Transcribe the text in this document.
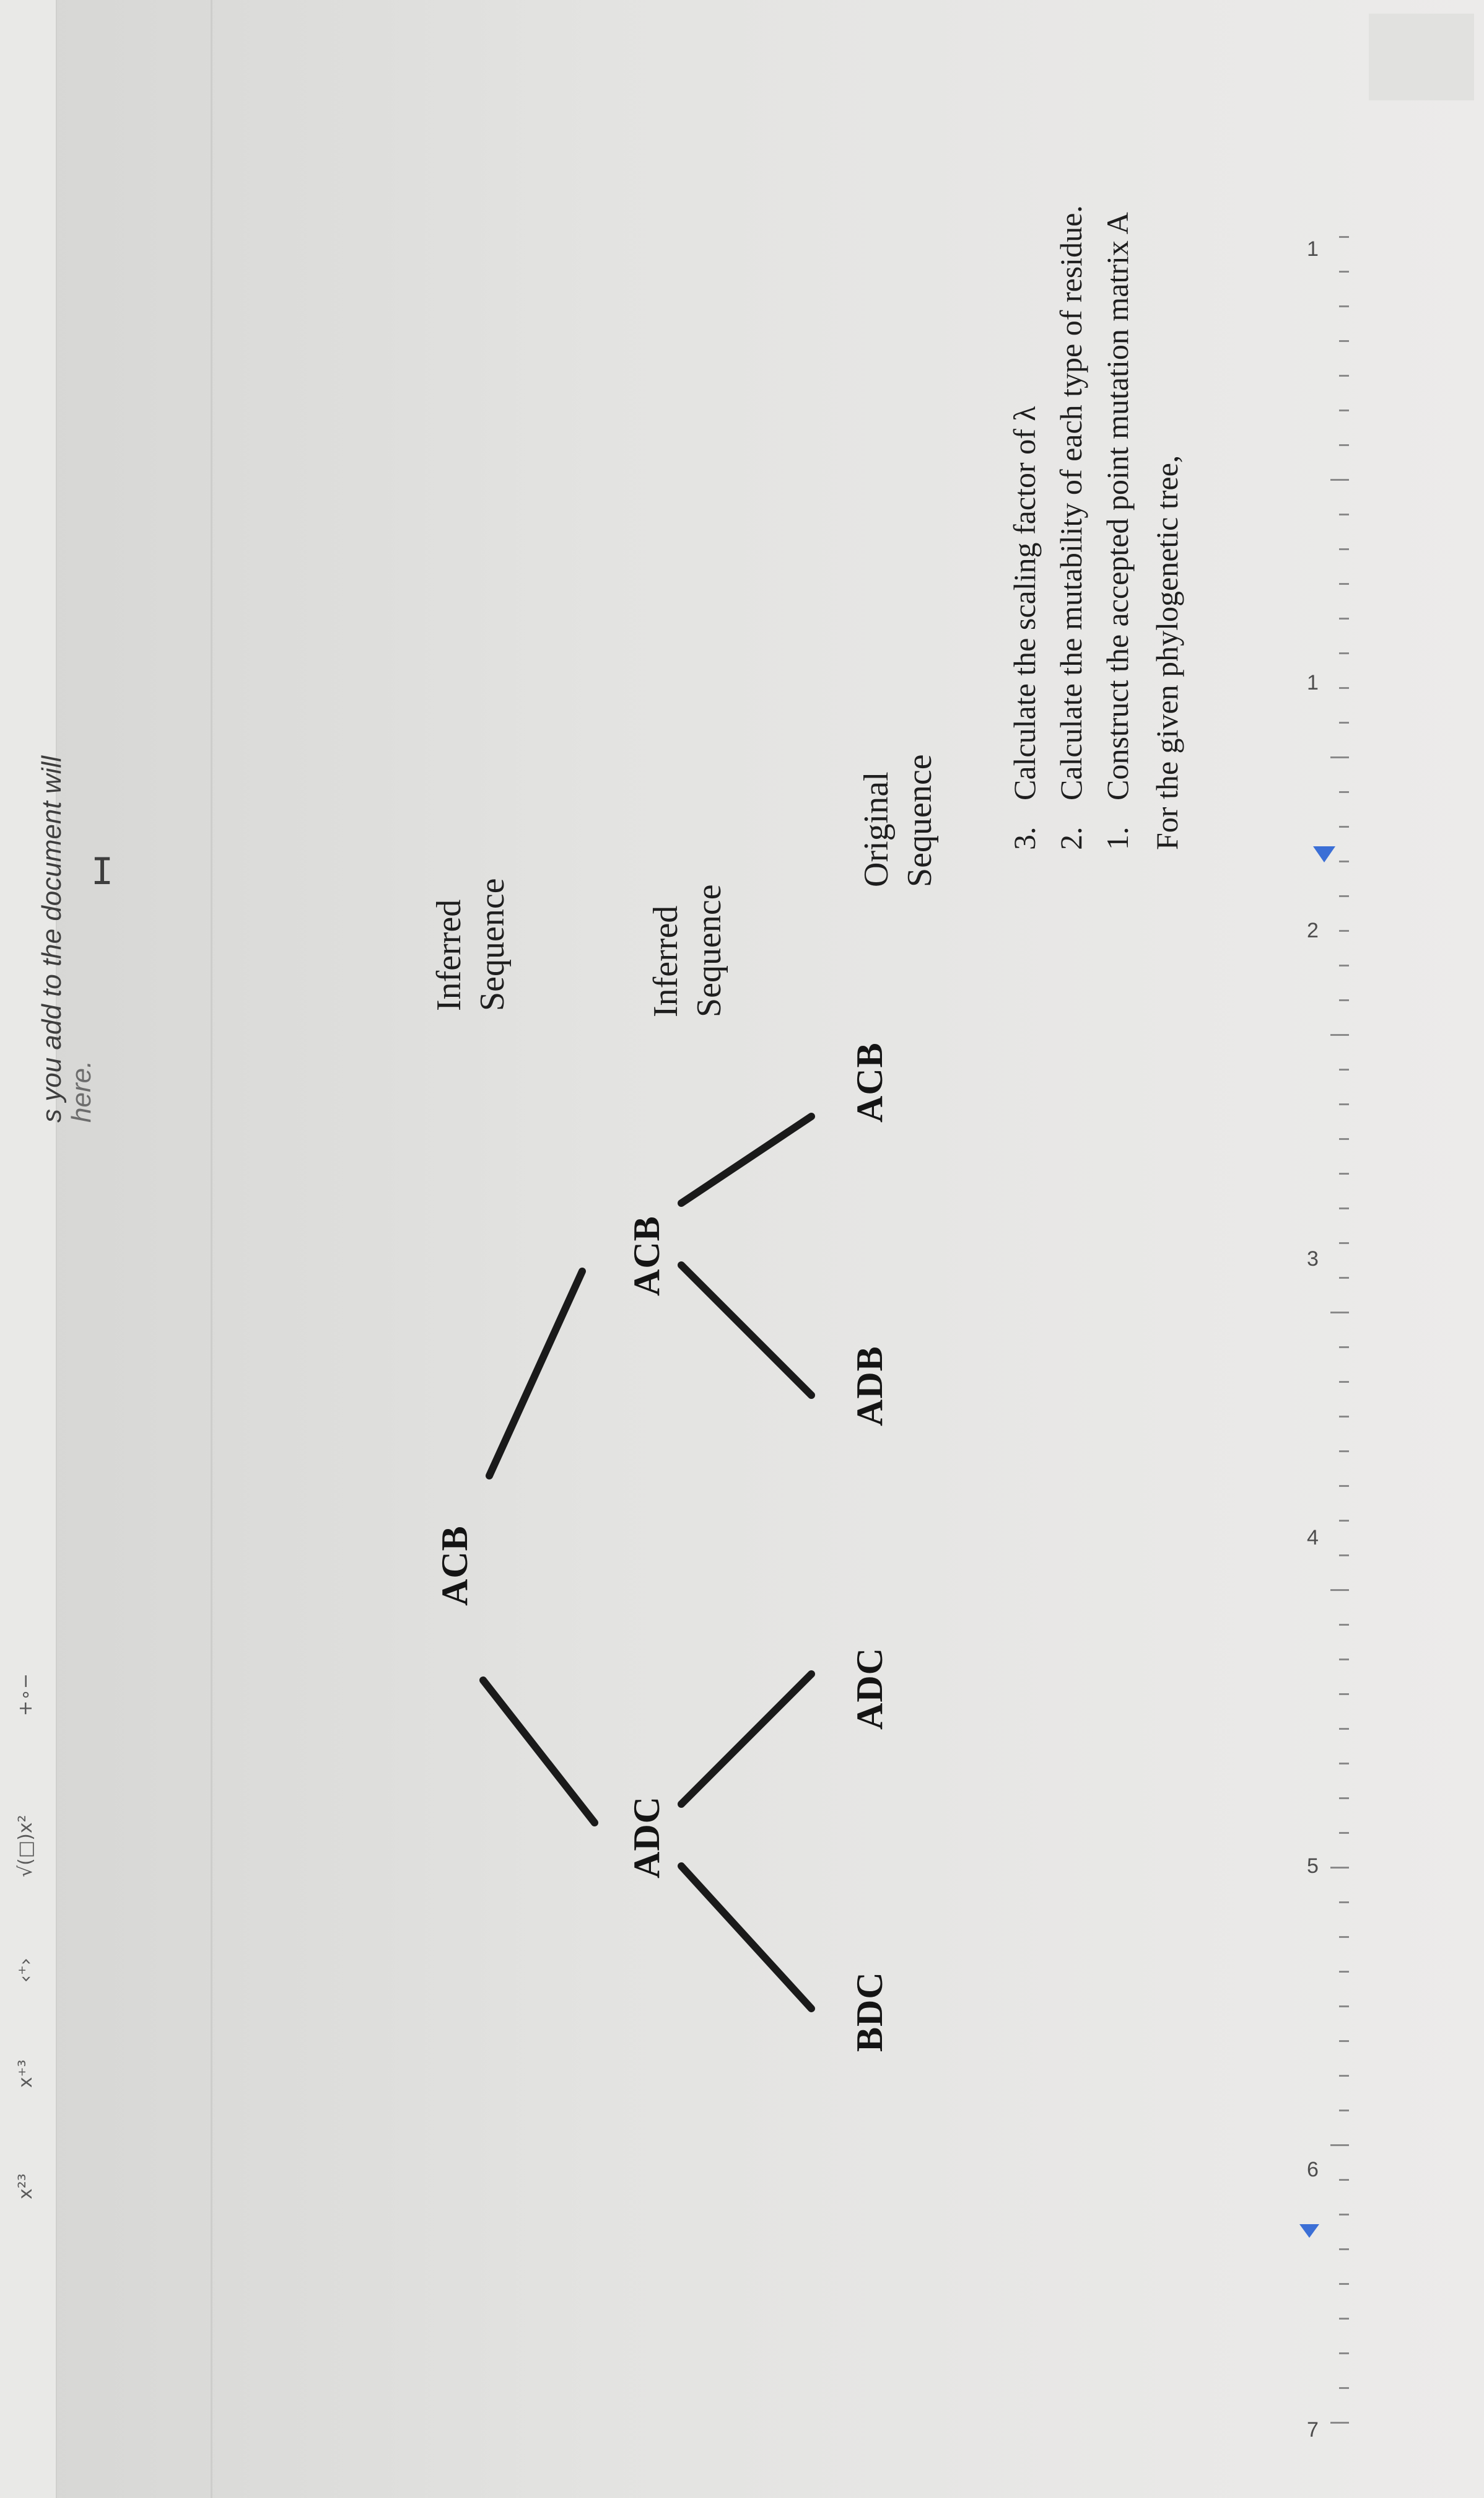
x²³
x⁺³
‹⁺›
√(□)x²
+∘−
s you add to the document will here.
1
1
2
3
4
5
6
7
I
For the given phylogenetic tree,
1. Construct the accepted point mutation matrix A
2. Calculate the mutability of each type of residue.
3. Calculate the scaling factor of λ
Original Sequence
Inferred Sequence
Inferred Sequence
ACB
ADB
ADC
BDC
ACB
ADC
ACB
